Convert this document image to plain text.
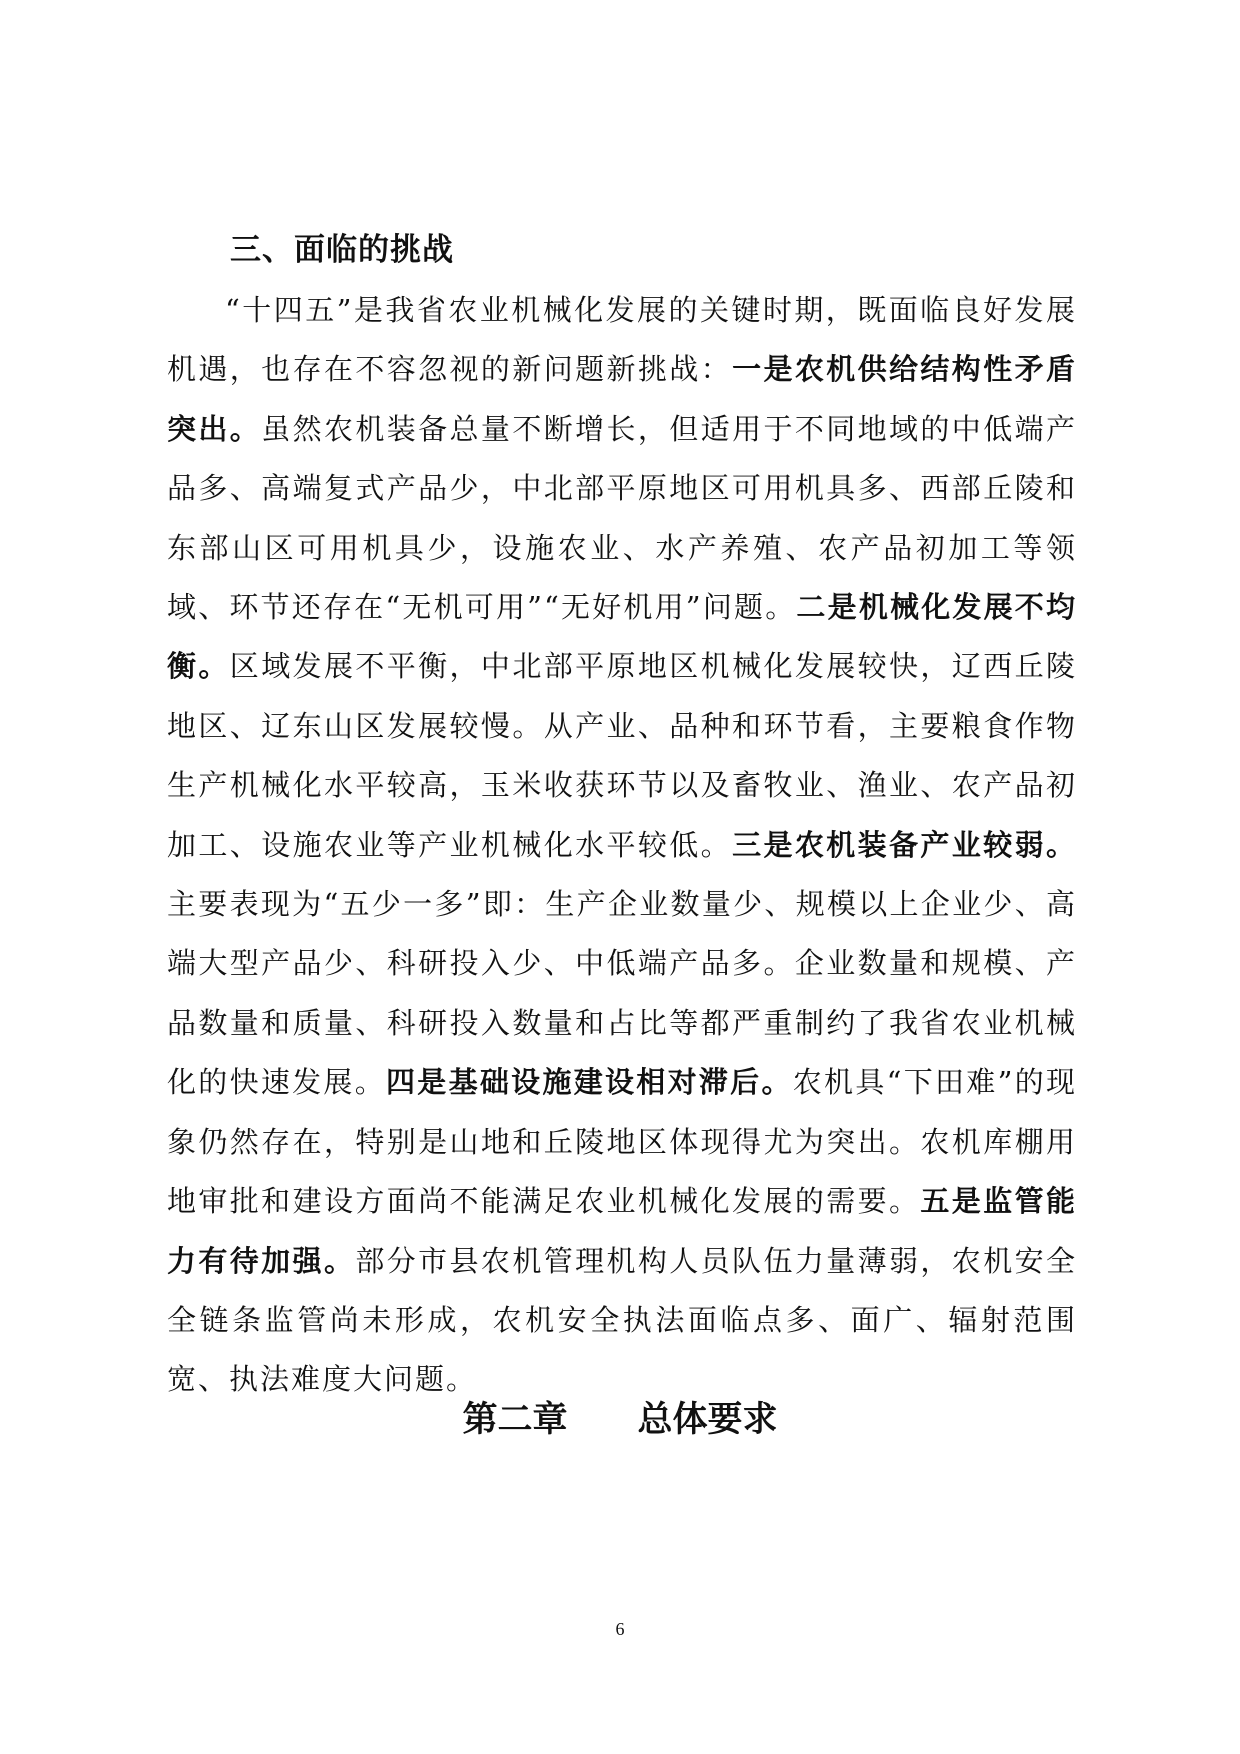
三、面临的挑战
“十四五”是我省农业机械化发展的关键时期，既面临良好发展机遇，也存在不容忽视的新问题新挑战：一是农机供给结构性矛盾突出。虽然农机装备总量不断增长，但适用于不同地域的中低端产品多、高端复式产品少，中北部平原地区可用机具多、西部丘陵和东部山区可用机具少，设施农业、水产养殖、农产品初加工等领域、环节还存在“无机可用”“无好机用”问题。二是机械化发展不均衡。区域发展不平衡，中北部平原地区机械化发展较快，辽西丘陵地区、辽东山区发展较慢。从产业、品种和环节看，主要粮食作物生产机械化水平较高，玉米收获环节以及畜牧业、渔业、农产品初加工、设施农业等产业机械化水平较低。三是农机装备产业较弱。主要表现为“五少一多”即：生产企业数量少、规模以上企业少、高端大型产品少、科研投入少、中低端产品多。企业数量和规模、产品数量和质量、科研投入数量和占比等都严重制约了我省农业机械化的快速发展。四是基础设施建设相对滞后。农机具“下田难”的现象仍然存在，特别是山地和丘陵地区体现得尤为突出。农机库棚用地审批和建设方面尚不能满足农业机械化发展的需要。五是监管能力有待加强。部分市县农机管理机构人员队伍力量薄弱，农机安全全链条监管尚未形成，农机安全执法面临点多、面广、辐射范围宽、执法难度大问题。
第二章　　总体要求
6
